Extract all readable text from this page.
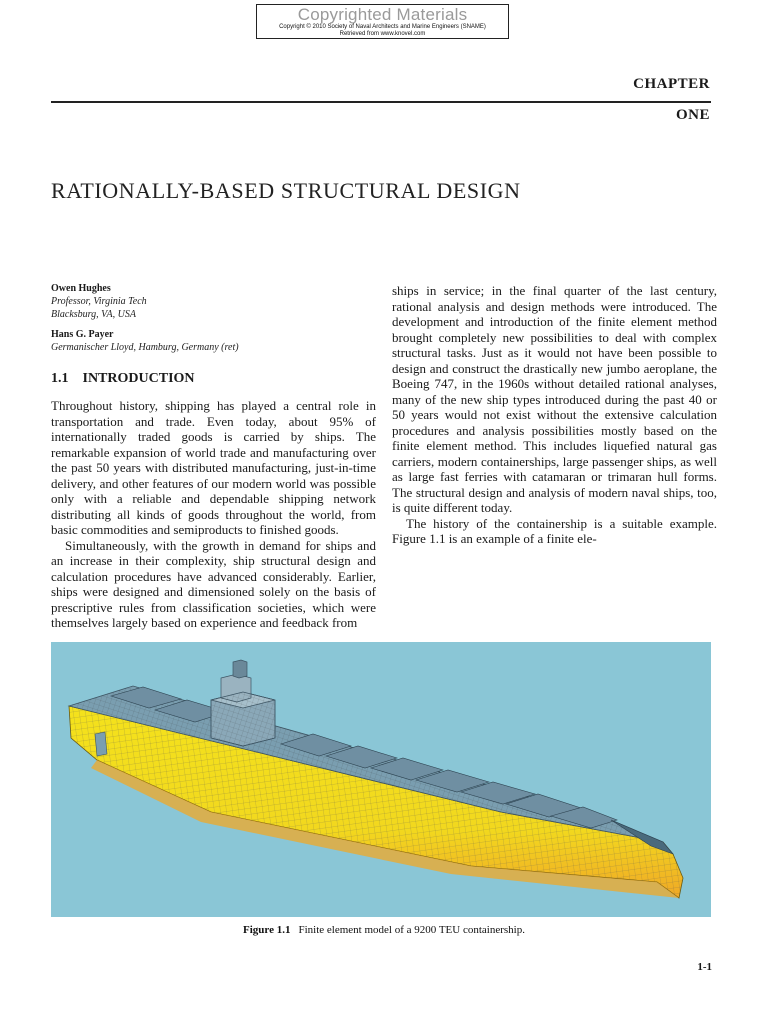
Copyrighted Materials
Copyright © 2010 Society of Naval Architects and Marine Engineers (SNAME)
Retrieved from www.knovel.com
CHAPTER
ONE
RATIONALLY-BASED STRUCTURAL DESIGN
Owen Hughes
Professor, Virginia Tech
Blacksburg, VA, USA
Hans G. Payer
Germanischer Lloyd, Hamburg, Germany (ret)
1.1 INTRODUCTION

Throughout history, shipping has played a central role in transportation and trade. Even today, about 95% of internationally traded goods is carried by ships. The remarkable expansion of world trade and manufacturing over the past 50 years with distributed manufacturing, just-in-time delivery, and other features of our modern world was possible only with a reliable and dependable shipping network distributing all kinds of goods throughout the world, from basic commodities and semiproducts to finished goods.

Simultaneously, with the growth in demand for ships and an increase in their complexity, ship structural design and calculation procedures have advanced considerably. Earlier, ships were designed and dimensioned solely on the basis of prescriptive rules from classification societies, which were themselves largely based on experience and feedback from

ships in service; in the final quarter of the last century, rational analysis and design methods were introduced. The development and introduction of the finite element method brought completely new possibilities to deal with complex structural tasks. Just as it would not have been possible to design and construct the drastically new jumbo aeroplane, the Boeing 747, in the 1960s without detailed rational analyses, many of the new ship types introduced during the past 40 or 50 years would not exist without the extensive calculation procedures and analysis possibilities mostly based on the finite element method. This includes liquefied natural gas carriers, modern containerships, large passenger ships, as well as large fast ferries with catamaran or trimaran hull forms. The structural design and analysis of modern naval ships, too, is quite different today.

The history of the containership is a suitable example. Figure 1.1 is an example of a finite ele-

Figure 1.1 Finite element model of a 9200 TEU containership.
1-1
